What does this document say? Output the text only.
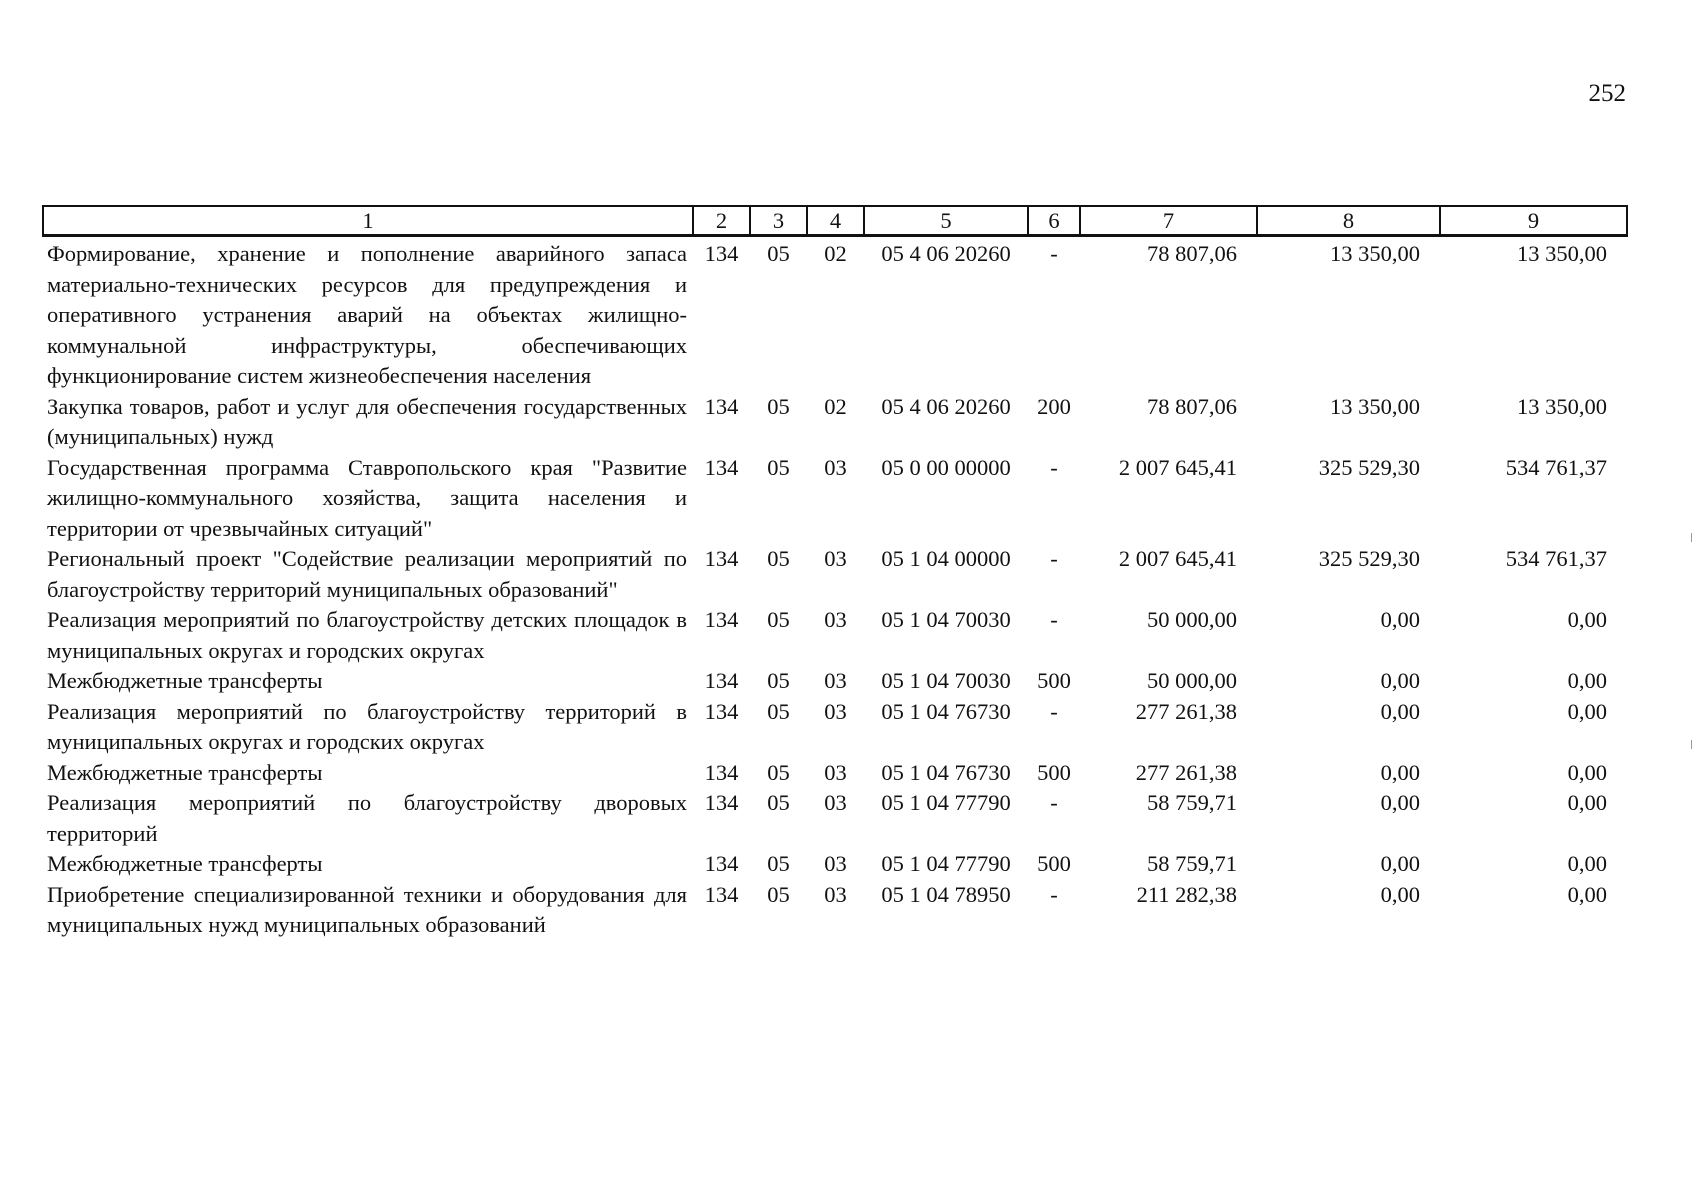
252
1	2	3	4	5	6	7	8	9
Формирование, хранение и пополнение аварийного запаса материально-технических ресурсов для предупреждения и оперативного устранения аварий на объектах жилищно-коммунальной инфраструктуры, обеспечивающих функционирование систем жизнеобеспечения населения	134	05	02	05 4 06 20260	-	78 807,06	13 350,00	13 350,00
Закупка товаров, работ и услуг для обеспечения государственных (муниципальных) нужд	134	05	02	05 4 06 20260	200	78 807,06	13 350,00	13 350,00
Государственная программа Ставропольского края "Развитие жилищно-коммунального хозяйства, защита населения и территории от чрезвычайных ситуаций"	134	05	03	05 0 00 00000	-	2 007 645,41	325 529,30	534 761,37
Региональный проект "Содействие реализации мероприятий по благоустройству территорий муниципальных образований"	134	05	03	05 1 04 00000	-	2 007 645,41	325 529,30	534 761,37
Реализация мероприятий по благоустройству детских площадок в муниципальных округах и городских округах	134	05	03	05 1 04 70030	-	50 000,00	0,00	0,00
Межбюджетные трансферты	134	05	03	05 1 04 70030	500	50 000,00	0,00	0,00
Реализация мероприятий по благоустройству территорий в муниципальных округах и городских округах	134	05	03	05 1 04 76730	-	277 261,38	0,00	0,00
Межбюджетные трансферты	134	05	03	05 1 04 76730	500	277 261,38	0,00	0,00
Реализация мероприятий по благоустройству дворовых территорий	134	05	03	05 1 04 77790	-	58 759,71	0,00	0,00
Межбюджетные трансферты	134	05	03	05 1 04 77790	500	58 759,71	0,00	0,00
Приобретение специализированной техники и оборудования для муниципальных нужд муниципальных образований	134	05	03	05 1 04 78950	-	211 282,38	0,00	0,00
